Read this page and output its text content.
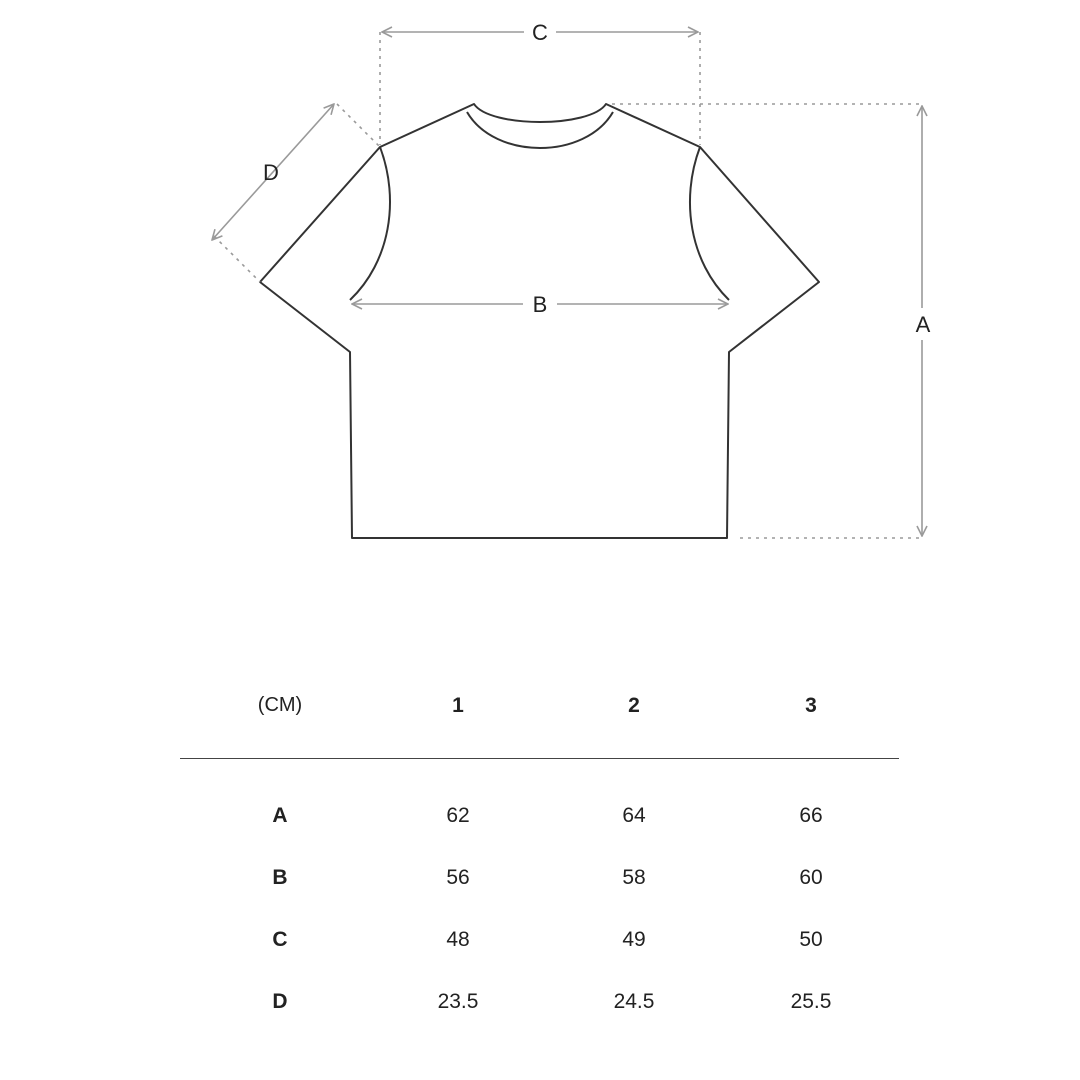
C
B
A
D
(CM)	1	2	3
A	62	64	66
B	56	58	60
C	48	49	50
D	23.5	24.5	25.5
